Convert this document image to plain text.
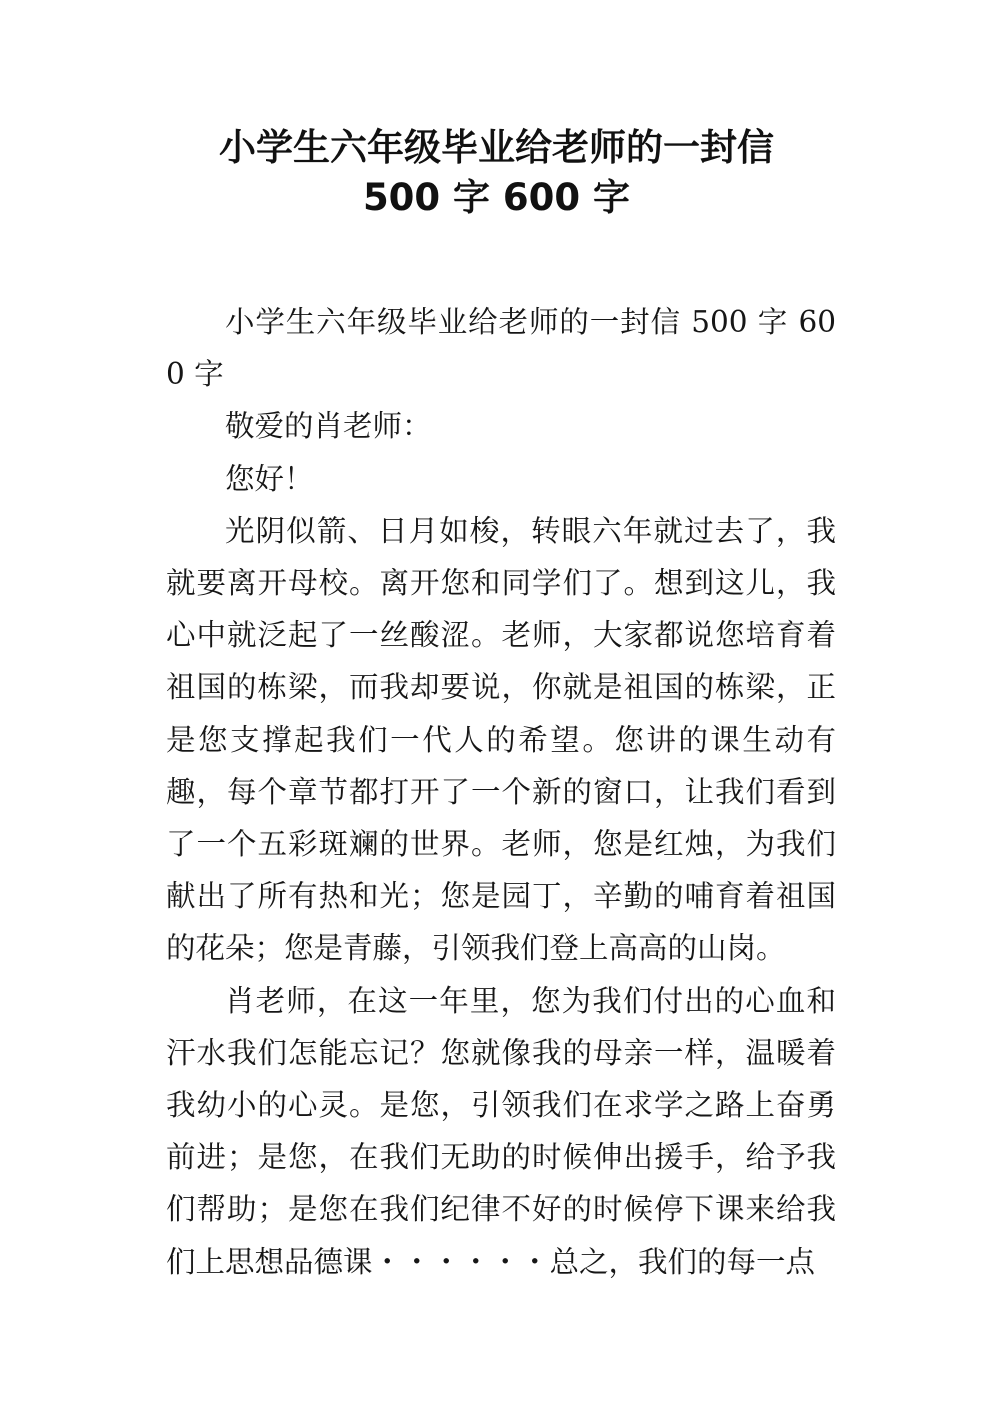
小学生六年级毕业给老师的一封信
500 字 600 字

小学生六年级毕业给老师的一封信 500 字 600 字

敬爱的肖老师：

您好！

光阴似箭、日月如梭，转眼六年就过去了，我就要离开母校。离开您和同学们了。想到这儿，我心中就泛起了一丝酸涩。老师，大家都说您培育着祖国的栋梁，而我却要说，你就是祖国的栋梁，正是您支撑起我们一代人的希望。您讲的课生动有趣，每个章节都打开了一个新的窗口，让我们看到了一个五彩斑斓的世界。老师，您是红烛，为我们献出了所有热和光；您是园丁，辛勤的哺育着祖国的花朵；您是青藤，引领我们登上高高的山岗。

肖老师，在这一年里，您为我们付出的心血和汗水我们怎能忘记？您就像我的母亲一样，温暖着我幼小的心灵。是您，引领我们在求学之路上奋勇前进；是您，在我们无助的时候伸出援手，给予我们帮助；是您在我们纪律不好的时候停下课来给我们上思想品德课・・・・・・总之，我们的每一点
